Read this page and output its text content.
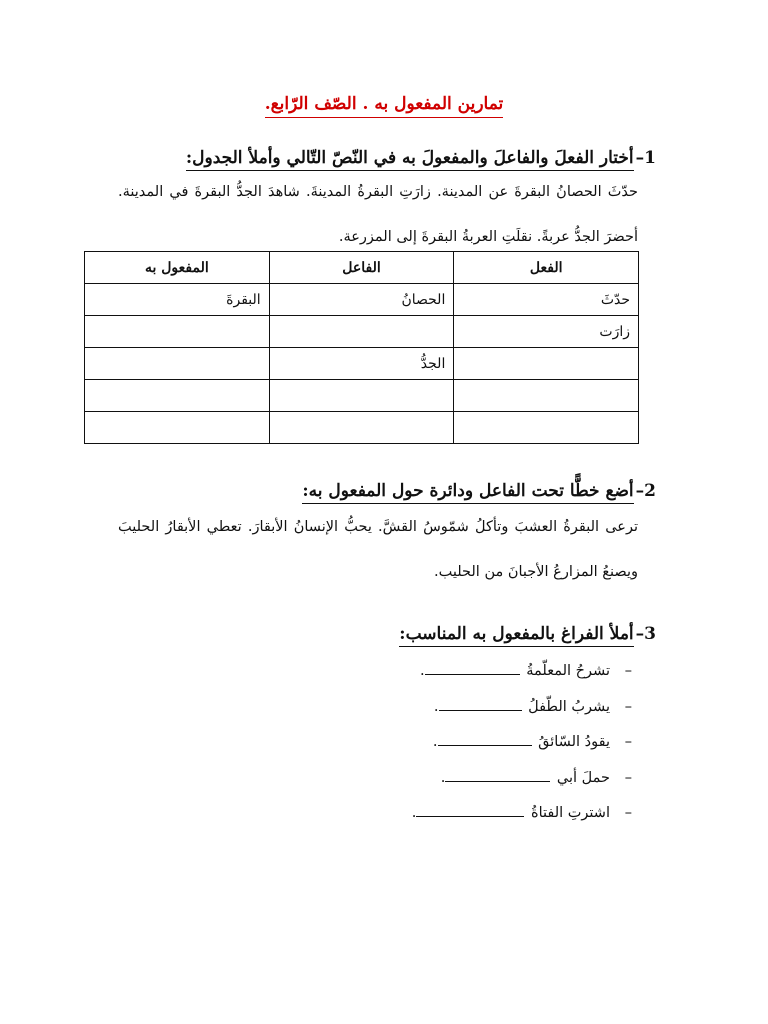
تمارين المفعول به . الصّف الرّابع.
1–أختار الفعلَ والفاعلَ والمفعولَ به في النّصّ التّالي وأملأ الجدول:
حدّثَ الحصانُ البقرةَ عن المدينة. زارَتِ البقرةُ المدينةَ. شاهدَ الجدُّ البقرةَ في المدينة. أحضرَ الجدُّ عربةً. نقلَتِ العربةُ البقرةَ إلى المزرعة.
الفعل	الفاعل	المفعول به
حدّثَ	الحصانُ	البقرةَ
زارَت		
	الجدُّ	

2–أضع خطًّا تحت الفاعل ودائرة حول المفعول به:
ترعى البقرةُ العشبَ وتأكلُ شمّوسُ القشَّ. يحبُّ الإنسانُ الأبقارَ. تعطي الأبقارُ الحليبَ ويصنعُ المزارعُ الأجبانَ من الحليب.
3–أملأ الفراغ بالمفعول به المناسب:
–تشرحُ المعلّمةُ .
–يشربُ الطّفلُ .
–يقودُ السّائقُ .
–حملَ أبي .
–اشترتِ الفتاةُ .
